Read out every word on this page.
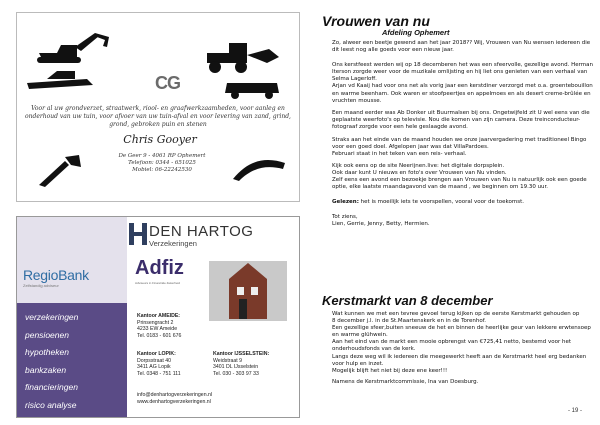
CG
Voor al uw grondverzet, straatwerk, riool- en graafwerkzaamheden, voor aanleg en onderhoud van uw tuin, voor afvoer van uw tuin-afval en voor levering van zand, grind, grond, gebroken puin en stenen
Chris Gooyer
De Geer 9 - 4061 RP Ophemert
Telefoon: 0344 - 651025
Mobiel: 06-22242530
RegioBank
Zelfstandig adviseur
verzekeringen
pensioenen
hypotheken
bankzaken
financieringen
risico analyse
DEN HARTOG
Verzekeringen
Adfiz
Adviseurs in Financiële Zekerheid
Kantoor AMEIDE:
Prinsengracht 2
4233 EW Ameide
Tel. 0183 - 601 676
Kantoor LOPIK:
Dorpsstraat 40
3411 AG Lopik
Tel. 0348 - 751 111
Kantoor IJSSELSTEIN:
Weidstraat 9
3401 DL IJsselstein
Tel. 030 - 303 97 33
info@denhartogverzekeringen.nl
www.denhartogverzekeringen.nl
Vrouwen van nu
Afdeling Ophemert

Zo, alweer een beetje gewend aan het jaar 2018?? Wij, Vrouwen van Nu wensen iedereen die dit leest nog alle goeds voor een nieuw jaar.

Ons kerstfeest werden wij op 18 decemberen het was een sfeervolle, gezellige avond. Herman Iterson zorgde weer voor de muzikale omlijsting en hij liet ons genieten van een verhaal van Selma Lagerloff.
Arjan vd Kaaij had voor ons net als vorig jaar een kerstdiner verzorgd met o.a. groentebouillon en warme beenham. Ook waren er stoofpeertjes en appelmoes en als desert creme-brûlée en vruchten mousse.

Een maand eerder was Ab Donker uit Buurmalsen bij ons. Ongetwijfeld zit U wel eens van die geplaatste weerfoto's op televisie. Nou die komen van zijn camera. Deze treinconducteur-fotograaf zorgde voor een hele geslaagde avond.

Straks aan het einde van de maand houden we onze jaarvergadering met traditioneel Bingo voor een goed doel. Afgelopen jaar was dat VillaPardoes.
Februari staat in het teken van een reis- verhaal.

Kijk ook eens op de site Neerijnen.live: het digitale dorpsplein.
Ook daar kunt U nieuws en foto's over Vrouwen van Nu vinden.
Zelf eens een avond een bezoekje brengen aan Vrouwen van Nu is natuurlijk ook een goede optie, elke laatste maandagavond van de maand , we beginnen om 19.30 uur.

Gelezen: het is moeilijk iets te voorspellen, vooral voor de toekomst.

Tot ziens,
Lien, Gerrie, Jenny, Betty, Hermien.

Kerstmarkt van 8 december

Wat kunnen we met een tevree gevoel terug kijken op de eerste Kerstmarkt gehouden op
8 december j.l. in de St.Maartenskerk en in de Torenhof.
Een gezellige sfeer,buiten sneeuw de het en binnen de heerlijke geur van lekkere erwtensoep en warme glühwein.
Aan het eind van de markt een mooie opbrengst van €725,41 netto, bestemd voor het onderhoudsfonds van de kerk.
Langs deze weg wil ik iedereen die meegewerkt heeft aan de Kerstmarkt heel erg bedanken voor hulp en inzet.
Mogelijk blijft het niet bij deze ene keer!!!

Namens de Kerstmarktcommissie, Ina van Doesburg.

- 19 -
